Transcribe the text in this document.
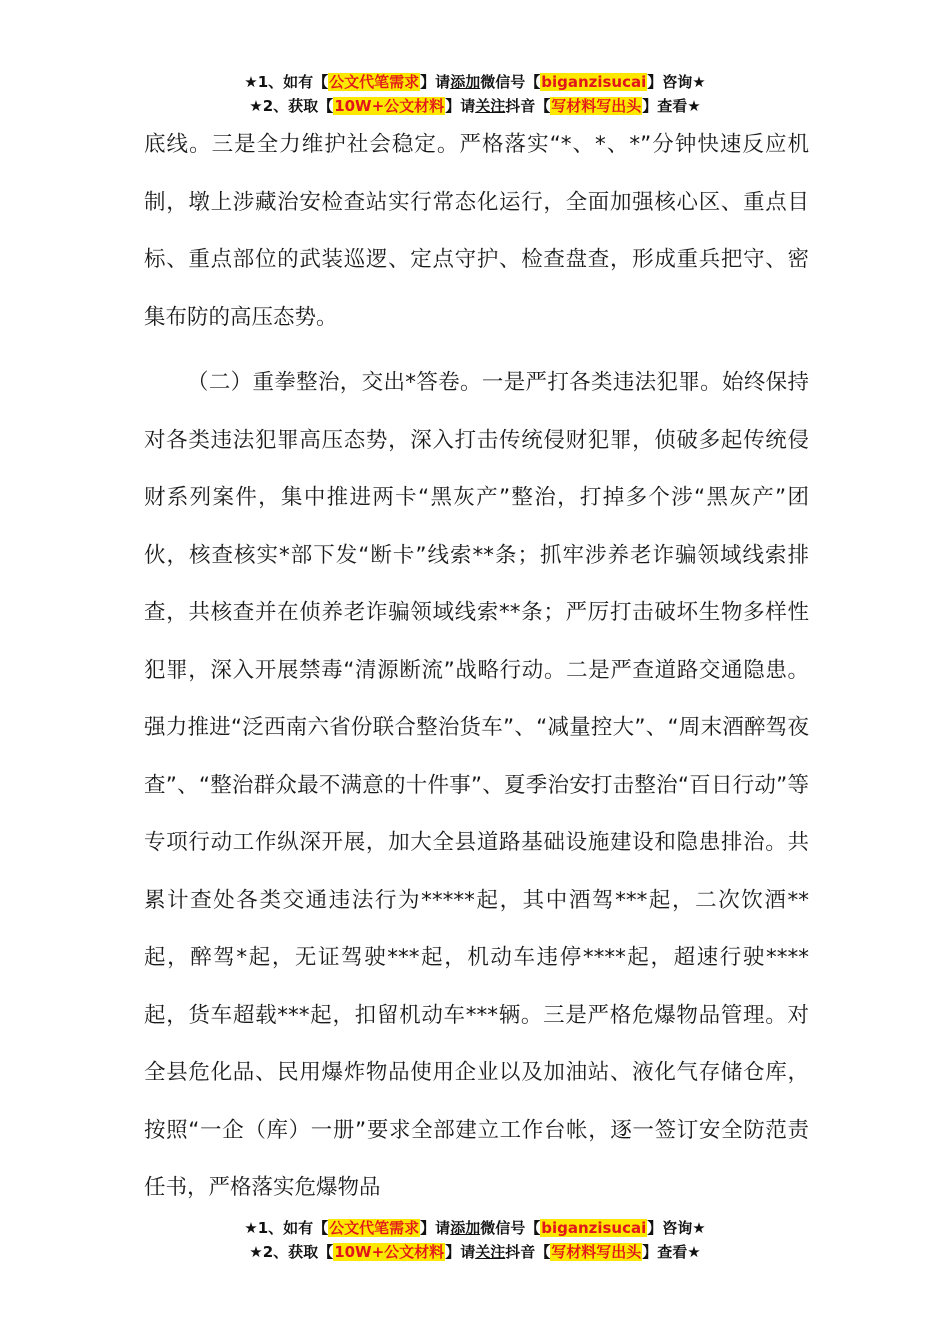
★1、如有【公文代笔需求】请添加微信号【biganzisucai】咨询★
★2、获取【10W+公文材料】请关注抖音【写材料写出头】查看★

底线。三是全力维护社会稳定。严格落实“*、*、*”分钟快速反应机制，墩上涉藏治安检查站实行常态化运行，全面加强核心区、重点目标、重点部位的武装巡逻、定点守护、检查盘查，形成重兵把守、密集布防的高压态势。

（二）重拳整治，交出*答卷。一是严打各类违法犯罪。始终保持对各类违法犯罪高压态势，深入打击传统侵财犯罪，侦破多起传统侵财系列案件，集中推进两卡“黑灰产”整治，打掉多个涉“黑灰产”团伙，核查核实*部下发“断卡”线索**条；抓牢涉养老诈骗领域线索排查，共核查并在侦养老诈骗领域线索**条；严厉打击破坏生物多样性犯罪，深入开展禁毒“清源断流”战略行动。二是严查道路交通隐患。强力推进“泛西南六省份联合整治货车”、“减量控大”、“周末酒醉驾夜查”、“整治群众最不满意的十件事”、夏季治安打击整治“百日行动”等专项行动工作纵深开展，加大全县道路基础设施建设和隐患排治。共累计查处各类交通违法行为*****起，其中酒驾***起，二次饮酒**起，醉驾*起，无证驾驶***起，机动车违停****起，超速行驶****起，货车超载***起，扣留机动车***辆。三是严格危爆物品管理。对全县危化品、民用爆炸物品使用企业以及加油站、液化气存储仓库，按照“一企（库）一册”要求全部建立工作台帐，逐一签订安全防范责任书，严格落实危爆物品

★1、如有【公文代笔需求】请添加微信号【biganzisucai】咨询★
★2、获取【10W+公文材料】请关注抖音【写材料写出头】查看★
